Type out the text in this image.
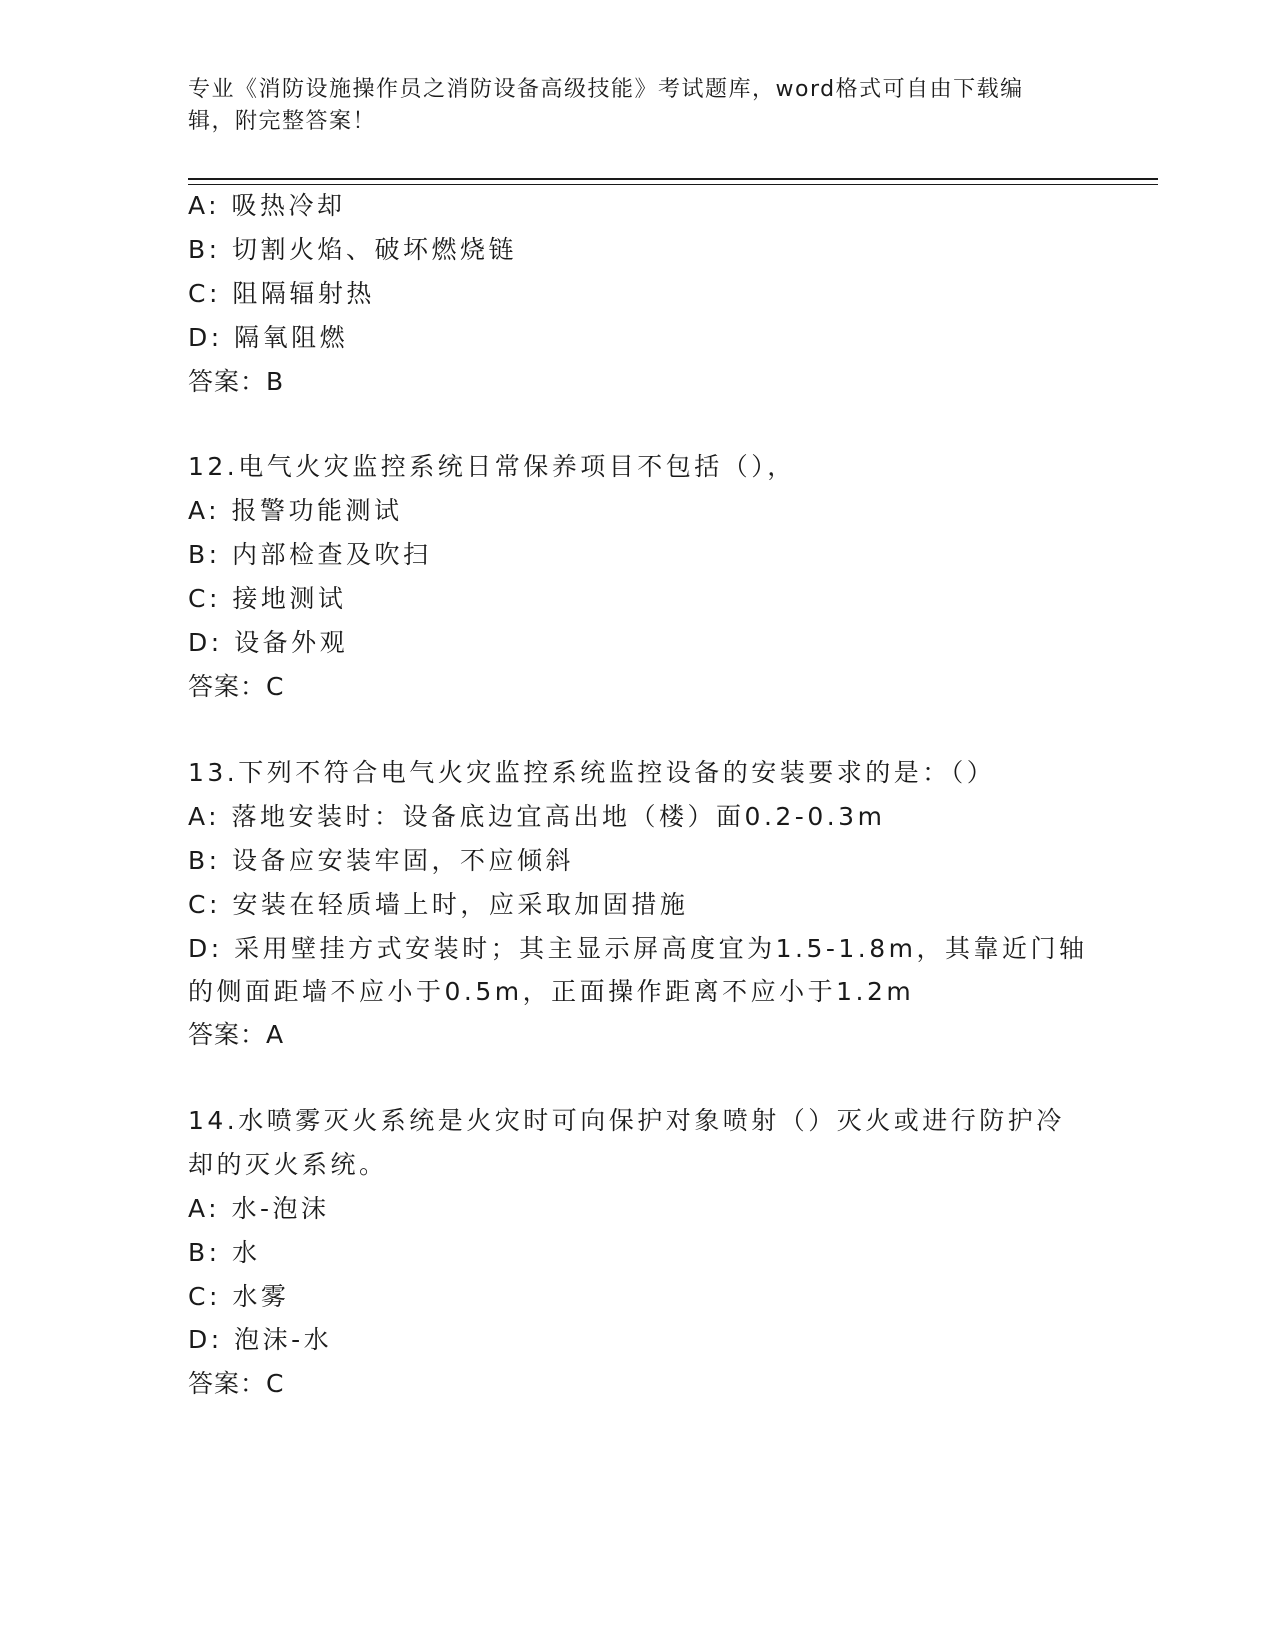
专业《消防设施操作员之消防设备高级技能》考试题库，word格式可自由下载编
辑，附完整答案！
A: 吸热冷却
B: 切割火焰、破坏燃烧链
C: 阻隔辐射热
D: 隔氧阻燃
答案：B
12.电气火灾监控系统日常保养项目不包括（），
A: 报警功能测试
B: 内部检查及吹扫
C: 接地测试
D: 设备外观
答案：C
13.下列不符合电气火灾监控系统监控设备的安装要求的是：（）
A: 落地安装时：设备底边宜高出地（楼）面0.2-0.3m
B: 设备应安装牢固，不应倾斜
C: 安装在轻质墙上时，应采取加固措施
D: 采用壁挂方式安装时；其主显示屏高度宜为1.5-1.8m，其靠近门轴
的侧面距墙不应小于0.5m，正面操作距离不应小于1.2m
答案：A
14.水喷雾灭火系统是火灾时可向保护对象喷射（）灭火或进行防护冷
却的灭火系统。
A: 水-泡沫
B: 水
C: 水雾
D: 泡沫-水
答案：C
